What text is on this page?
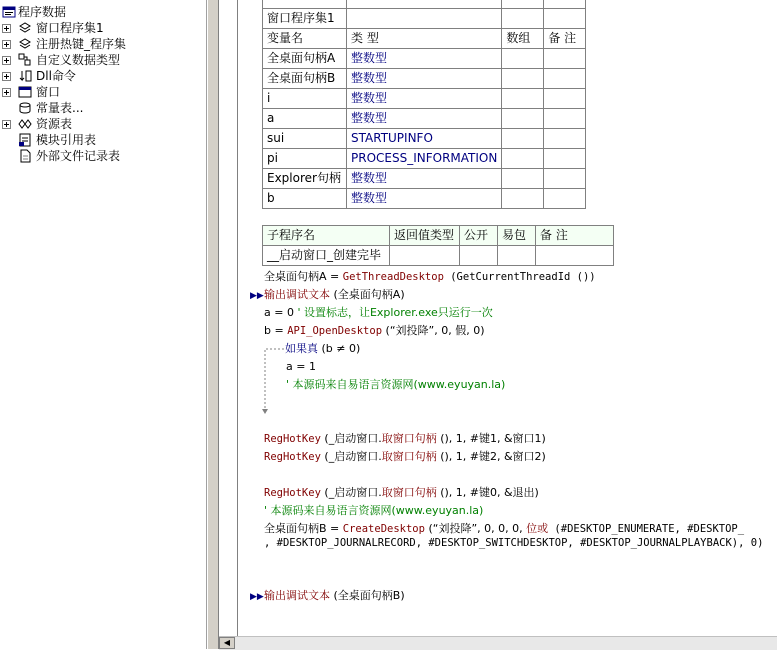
程序数据
窗口程序集1
注册热键_程序集
自定义数据类型
Dll命令
窗口
常量表...
资源表
模块引用表
外部文件记录表

窗口程序集1			
变量名	类 型	数组	备 注
全桌面句柄A	整数型		
全桌面句柄B	整数型		
i	整数型		
a	整数型		
sui	STARTUPINFO		
pi	PROCESS_INFORMATION		
Explorer句柄	整数型		
b	整数型		
子程序名	返回值类型	公开	易包	备 注
__启动窗口_创建完毕				
全桌面句柄A = GetThreadDesktop (GetCurrentThreadId ())
▶▶ 输出调试文本 (全桌面句柄A)
a = 0 ' 设置标志，让Explorer.exe只运行一次
b = API_OpenDesktop (“刘投降”, 0, 假, 0)
如果真 (b ≠ 0)
a = 1
' 本源码来自易语言资源网(www.eyuyan.la)
RegHotKey (_启动窗口.取窗口句柄 (), 1, #键1, &窗口1)
RegHotKey (_启动窗口.取窗口句柄 (), 1, #键2, &窗口2)
RegHotKey (_启动窗口.取窗口句柄 (), 1, #键0, &退出)
' 本源码来自易语言资源网(www.eyuyan.la)
全桌面句柄B = CreateDesktop (“刘投降”, 0, 0, 0, 位或 (#DESKTOP_ENUMERATE, #DESKTOP_
, #DESKTOP_JOURNALRECORD, #DESKTOP_SWITCHDESKTOP, #DESKTOP_JOURNALPLAYBACK), 0)
▶▶ 输出调试文本 (全桌面句柄B)
◀
